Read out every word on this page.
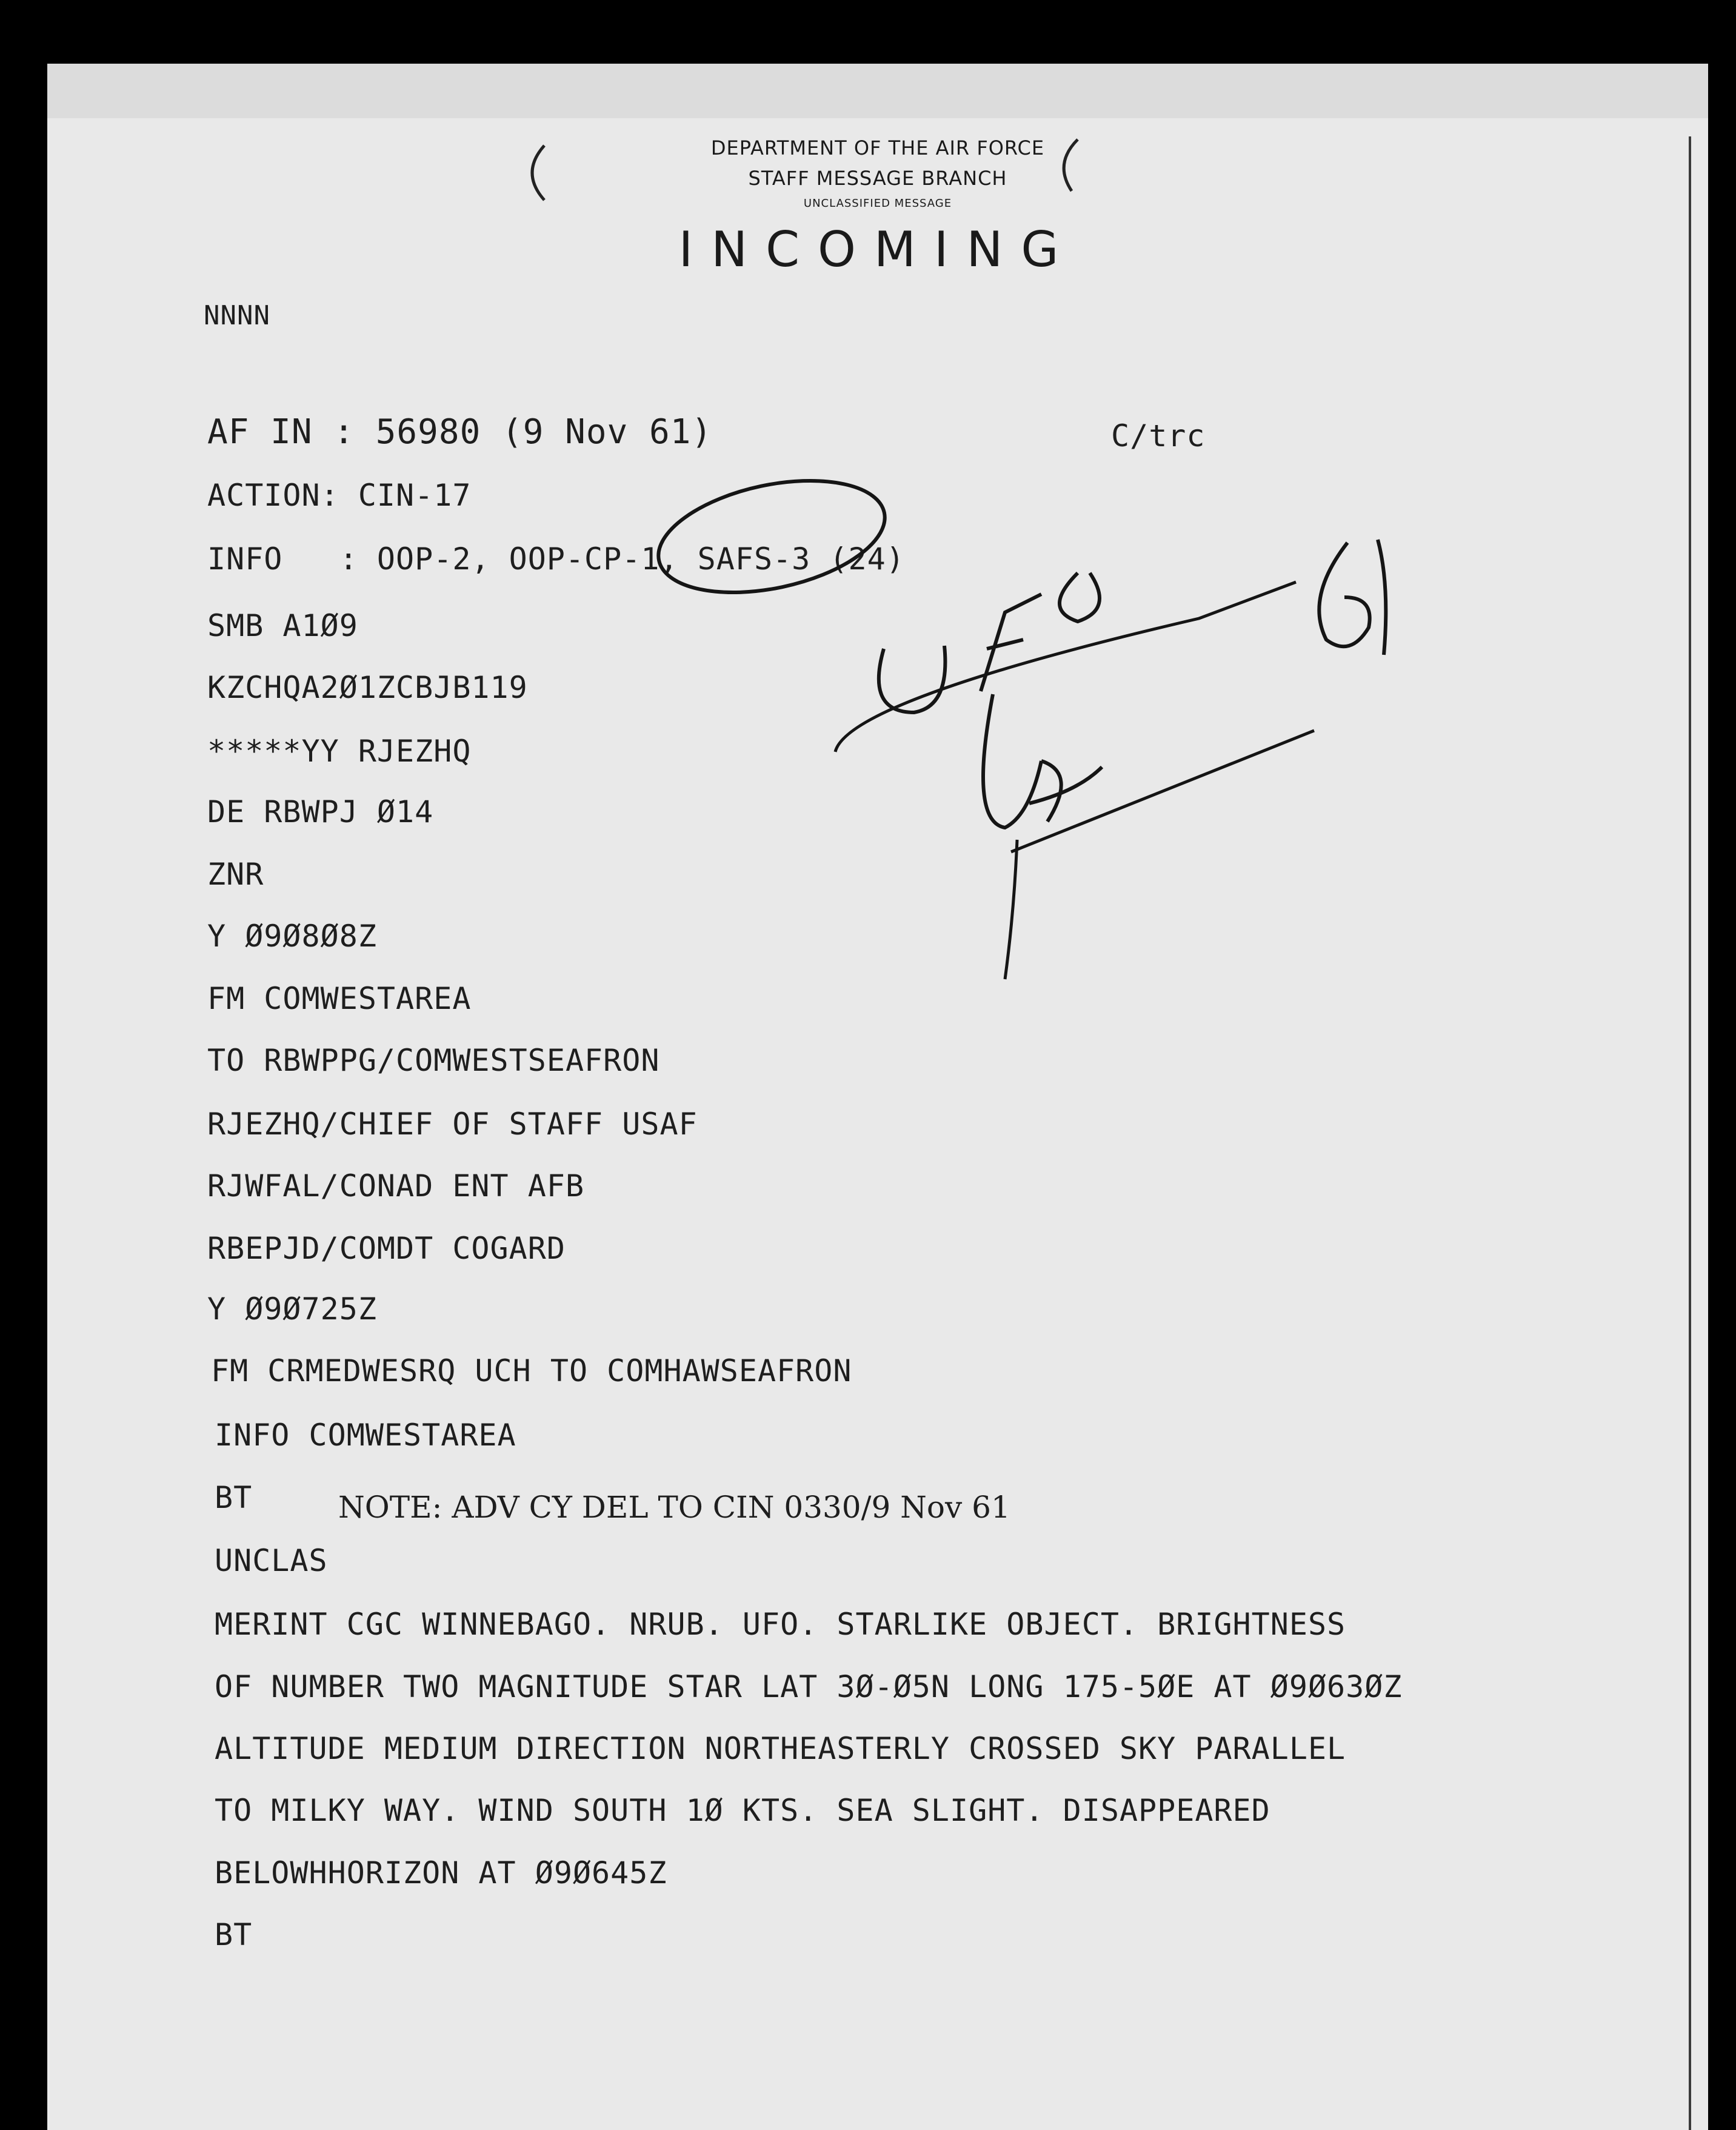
DEPARTMENT OF THE AIR FORCE
STAFF MESSAGE BRANCH
UNCLASSIFIED MESSAGE
INCOMING
NNNN
AF IN : 56980 (9 Nov 61)	C/trc
ACTION: CIN-17
INFO   : OOP-2, OOP-CP-1, SAFS-3 (24)
SMB A1Ø9
KZCHQA2Ø1ZCBJB119
*****YY RJEZHQ
DE RBWPJ Ø14
ZNR
Y Ø9Ø8Ø8Z
FM COMWESTAREA
TO RBWPPG/COMWESTSEAFRON
RJEZHQ/CHIEF OF STAFF USAF
RJWFAL/CONAD ENT AFB
RBEPJD/COMDT COGARD
Y Ø9Ø725Z
FM CRMEDWESRQ UCH TO COMHAWSEAFRON
INFO COMWESTAREA
BT	NOTE: ADV CY DEL TO CIN 0330/9 Nov 61
UNCLAS
MERINT CGC WINNEBAGO. NRUB. UFO. STARLIKE OBJECT. BRIGHTNESS
OF NUMBER TWO MAGNITUDE STAR LAT 3Ø-Ø5N LONG 175-5ØE AT Ø9Ø63ØZ
ALTITUDE MEDIUM DIRECTION NORTHEASTERLY CROSSED SKY PARALLEL
TO MILKY WAY. WIND SOUTH 1Ø KTS. SEA SLIGHT. DISAPPEARED
BELOWHHORIZON AT Ø9Ø645Z
BT
